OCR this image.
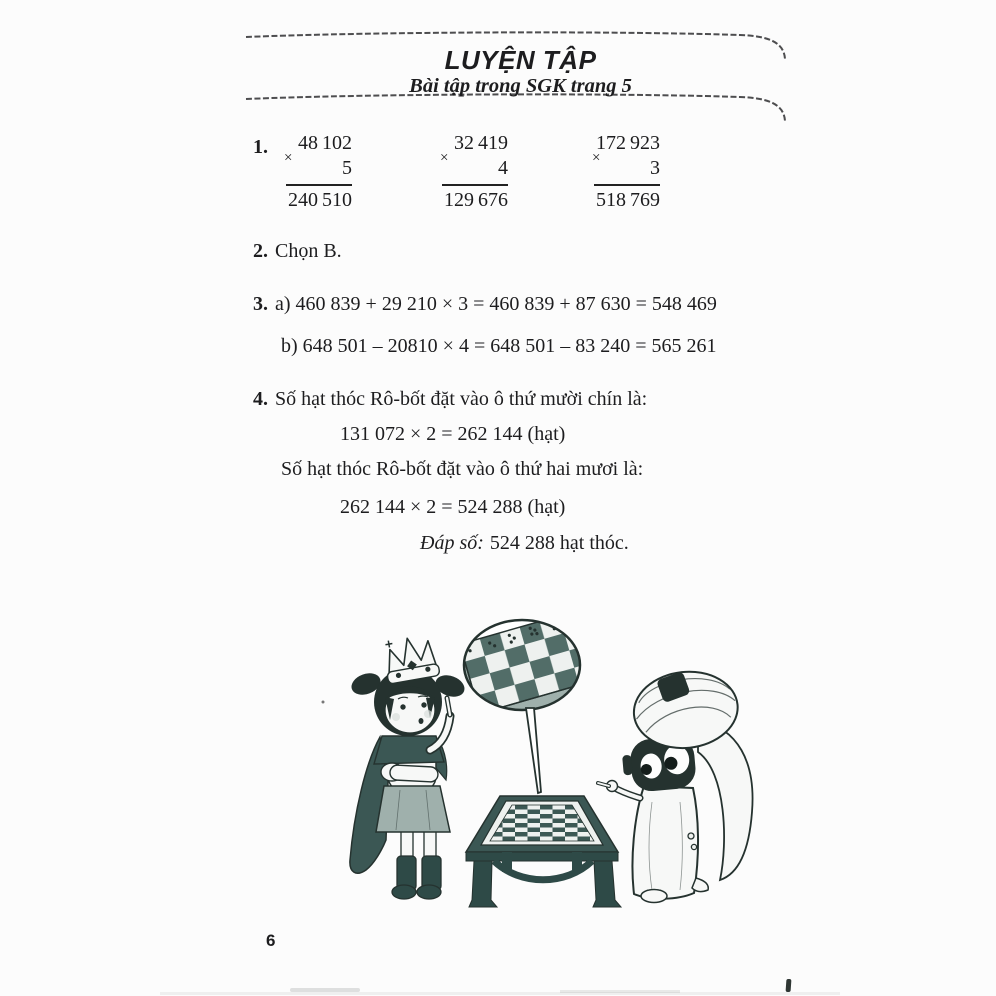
LUYỆN TẬP
Bài tập trong SGK trang 5
1.	48 102
×	5
240 510
32 419
×	4
129 676
172 923
×	3
518 769
2. Chọn B.
3. a) 460 839 + 29 210 × 3 = 460 839 + 87 630 = 548 469
b) 648 501 – 20810 × 4 = 648 501 – 83 240 = 565 261
4. Số hạt thóc Rô-bốt đặt vào ô thứ mười chín là:
131 072 × 2 = 262 144 (hạt)
Số hạt thóc Rô-bốt đặt vào ô thứ hai mươi là:
262 144 × 2 = 524 288 (hạt)
Đáp số: 524 288 hạt thóc.
6
